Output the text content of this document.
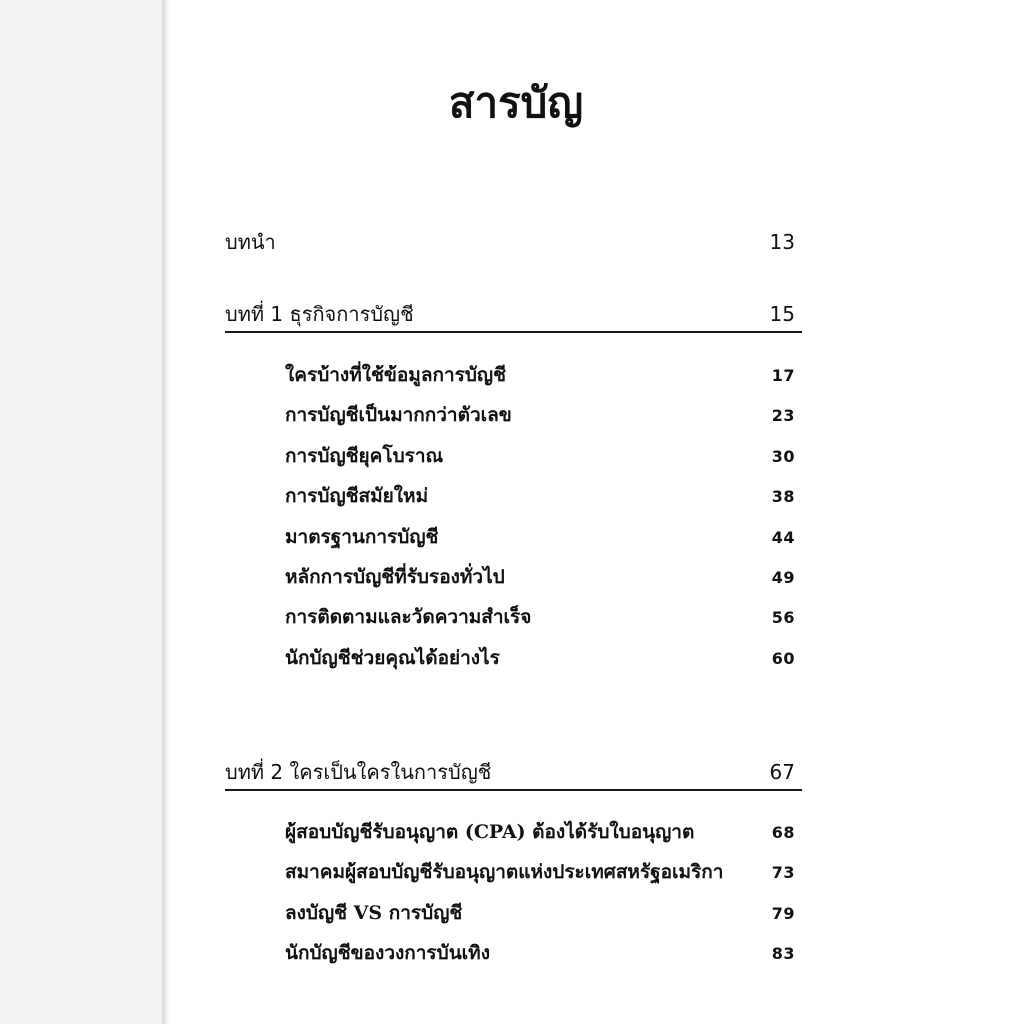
สารบัญ
บทนำ	13
บทที่ 1 ธุรกิจการบัญชี	15
ใครบ้างที่ใช้ข้อมูลการบัญชี	17
การบัญชีเป็นมากกว่าตัวเลข	23
การบัญชียุคโบราณ	30
การบัญชีสมัยใหม่	38
มาตรฐานการบัญชี	44
หลักการบัญชีที่รับรองทั่วไป	49
การติดตามและวัดความสำเร็จ	56
นักบัญชีช่วยคุณได้อย่างไร	60
บทที่ 2 ใครเป็นใครในการบัญชี	67
ผู้สอบบัญชีรับอนุญาต (CPA) ต้องได้รับใบอนุญาต	68
สมาคมผู้สอบบัญชีรับอนุญาตแห่งประเทศสหรัฐอเมริกา	73
ลงบัญชี VS การบัญชี	79
นักบัญชีของวงการบันเทิง	83
